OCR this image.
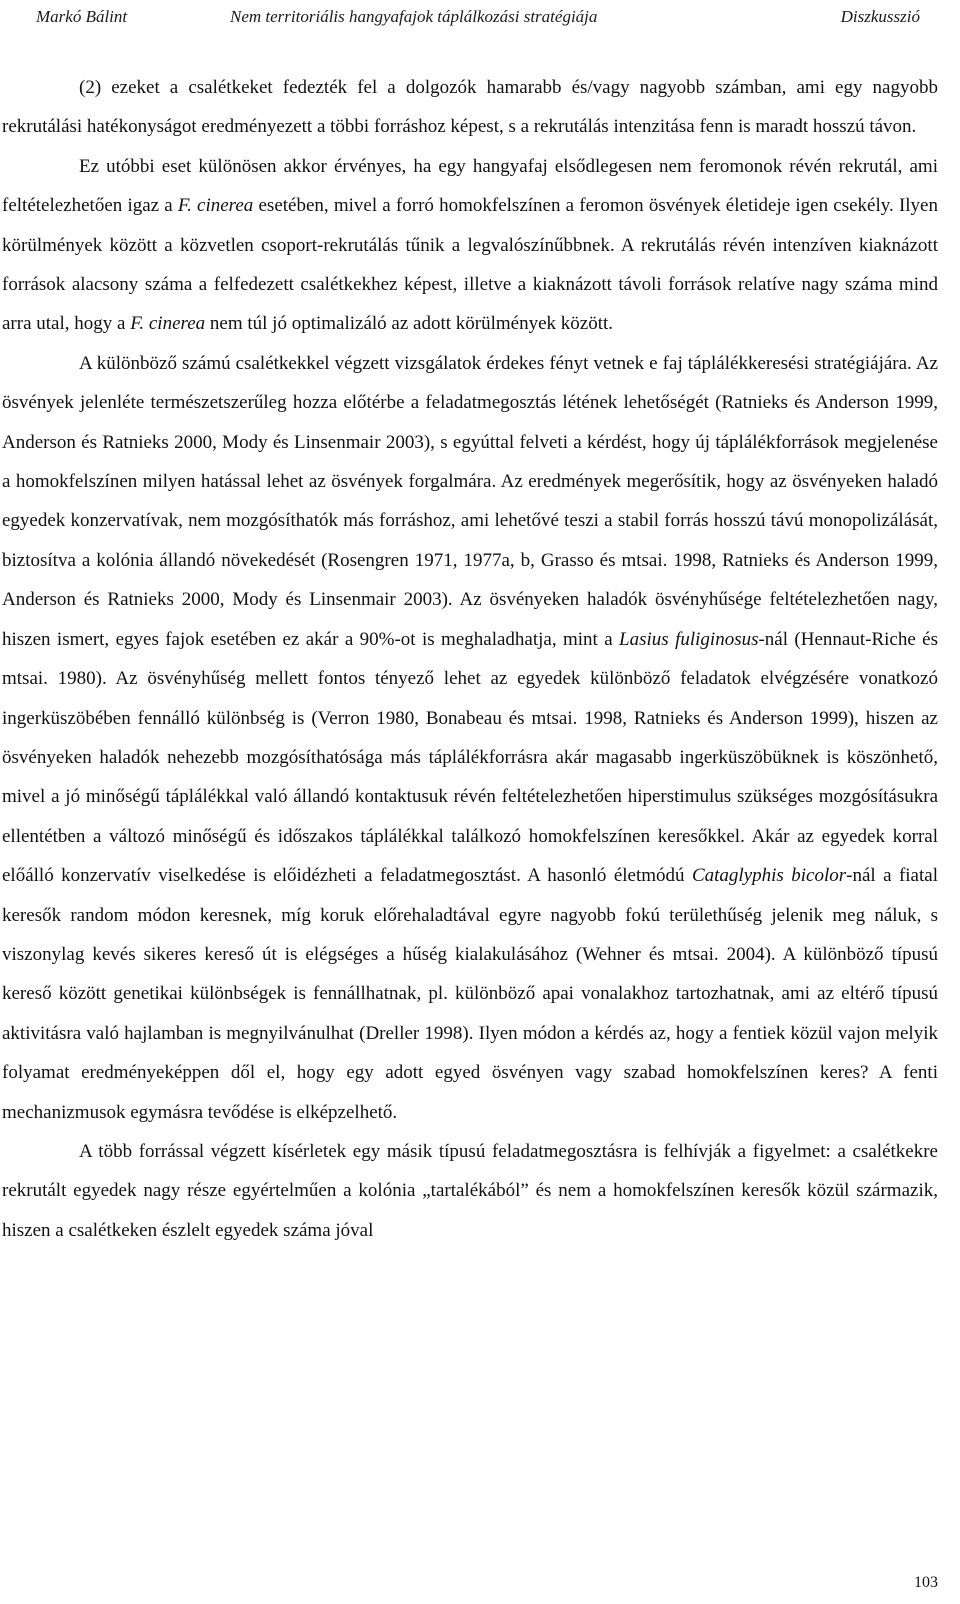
Markó Bálint	Nem territoriális hangyafajok táplálkozási stratégiája	Diszkusszió

(2) ezeket a csalétkeket fedezték fel a dolgozók hamarabb és/vagy nagyobb számban, ami egy nagyobb rekrutálási hatékonyságot eredményezett a többi forráshoz képest, s a rekrutálás intenzitása fenn is maradt hosszú távon.

Ez utóbbi eset különösen akkor érvényes, ha egy hangyafaj elsődlegesen nem feromonok révén rekrutál, ami feltételezhetően igaz a F. cinerea esetében, mivel a forró homokfelszínen a feromon ösvények életideje igen csekély. Ilyen körülmények között a közvetlen csoport-rekrutálás tűnik a legvalószínűbbnek. A rekrutálás révén intenzíven kiaknázott források alacsony száma a felfedezett csalétkekhez képest, illetve a kiaknázott távoli források relatíve nagy száma mind arra utal, hogy a F. cinerea nem túl jó optimalizáló az adott körülmények között.

A különböző számú csalétkekkel végzett vizsgálatok érdekes fényt vetnek e faj táplálékkeresési stratégiájára. Az ösvények jelenléte természetszerűleg hozza előtérbe a feladatmegosztás létének lehetőségét (Ratnieks és Anderson 1999, Anderson és Ratnieks 2000, Mody és Linsenmair 2003), s egyúttal felveti a kérdést, hogy új táplálékforrások megjelenése a homokfelszínen milyen hatással lehet az ösvények forgalmára. Az eredmények megerősítik, hogy az ösvényeken haladó egyedek konzervatívak, nem mozgósíthatók más forráshoz, ami lehetővé teszi a stabil forrás hosszú távú monopolizálását, biztosítva a kolónia állandó növekedését (Rosengren 1971, 1977a, b, Grasso és mtsai. 1998, Ratnieks és Anderson 1999, Anderson és Ratnieks 2000, Mody és Linsenmair 2003). Az ösvényeken haladók ösvényhűsége feltételezhetően nagy, hiszen ismert, egyes fajok esetében ez akár a 90%-ot is meghaladhatja, mint a Lasius fuliginosus-nál (Hennaut-Riche és mtsai. 1980). Az ösvényhűség mellett fontos tényező lehet az egyedek különböző feladatok elvégzésére vonatkozó ingerküszöbében fennálló különbség is (Verron 1980, Bonabeau és mtsai. 1998, Ratnieks és Anderson 1999), hiszen az ösvényeken haladók nehezebb mozgósíthatósága más táplálékforrásra akár magasabb ingerküszöbüknek is köszönhető, mivel a jó minőségű táplálékkal való állandó kontaktusuk révén feltételezhetően hiperstimulus szükséges mozgósításukra ellentétben a változó minőségű és időszakos táplálékkal találkozó homokfelszínen keresőkkel. Akár az egyedek korral előálló konzervatív viselkedése is előidézheti a feladatmegosztást. A hasonló életmódú Cataglyphis bicolor-nál a fiatal keresők random módon keresnek, míg koruk előrehaladtával egyre nagyobb fokú területhűség jelenik meg náluk, s viszonylag kevés sikeres kereső út is elégséges a hűség kialakulásához (Wehner és mtsai. 2004). A különböző típusú kereső között genetikai különbségek is fennállhatnak, pl. különböző apai vonalakhoz tartozhatnak, ami az eltérő típusú aktivitásra való hajlamban is megnyilvánulhat (Dreller 1998). Ilyen módon a kérdés az, hogy a fentiek közül vajon melyik folyamat eredményeképpen dől el, hogy egy adott egyed ösvényen vagy szabad homokfelszínen keres? A fenti mechanizmusok egymásra tevődése is elképzelhető.

A több forrással végzett kísérletek egy másik típusú feladatmegosztásra is felhívják a figyelmet: a csalétkekre rekrutált egyedek nagy része egyértelműen a kolónia „tartalékából” és nem a homokfelszínen keresők közül származik, hiszen a csalétkeken észlelt egyedek száma jóval

103
